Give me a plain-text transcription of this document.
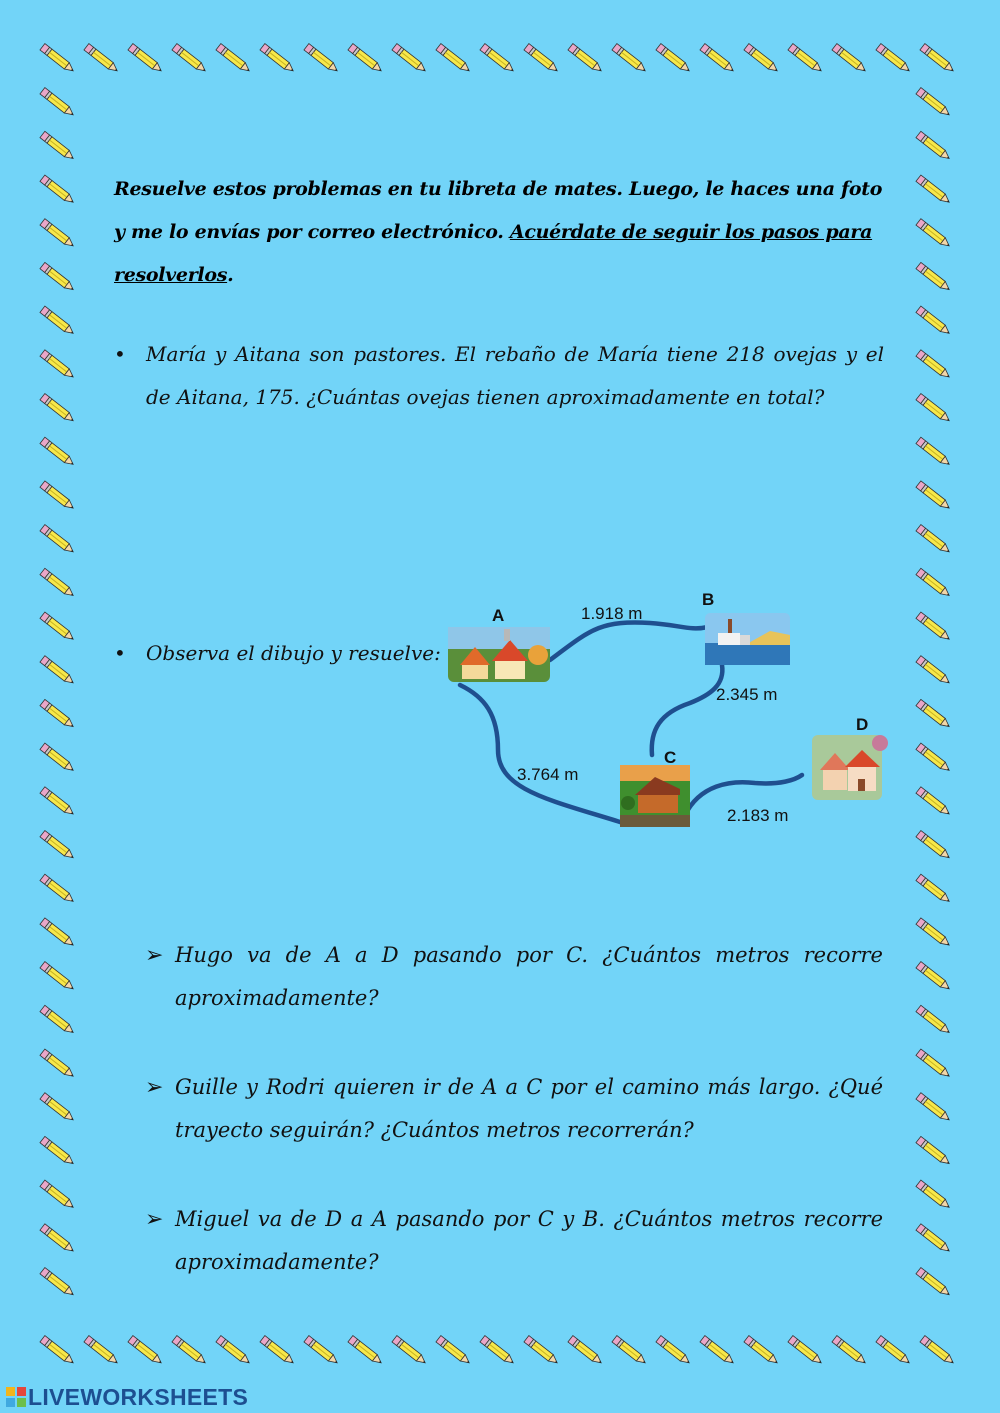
Resuelve estos problemas en tu libreta de mates. Luego, le haces una foto y me lo envías por correo electrónico. Acuérdate de seguir los pasos para resolverlos.
• María y Aitana son pastores. El rebaño de María tiene 218 ovejas y el de Aitana, 175. ¿Cuántas ovejas tienen aproximadamente en total?
• Observa el dibujo y resuelve:
A
B
C
D
1.918 m
2.345 m
3.764 m
2.183 m
➢ Hugo va de A a D pasando por C. ¿Cuántos metros recorre aproximadamente?
➢ Guille y Rodri quieren ir de A a C por el camino más largo. ¿Qué trayecto seguirán? ¿Cuántos metros recorrerán?
➢ Miguel va de D a A pasando por C y B. ¿Cuántos metros recorre aproximadamente?
LIVEWORKSHEETS
